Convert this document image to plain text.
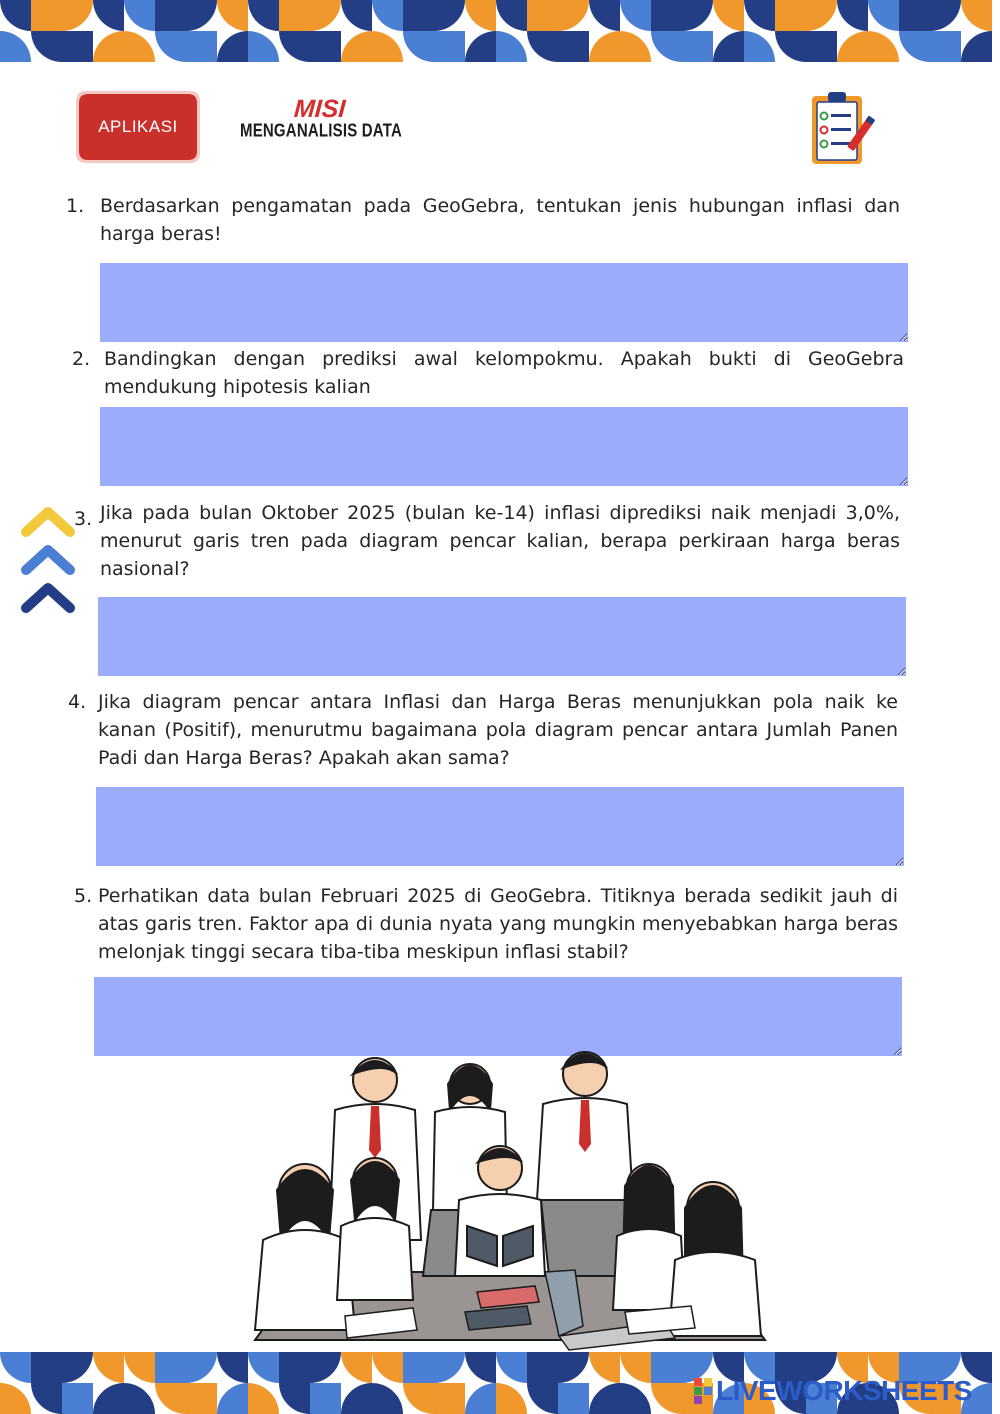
APLIKASI
MISI
MENGANALISIS DATA
1. Berdasarkan pengamatan pada GeoGebra, tentukan jenis hubungan inflasi dan harga beras!
2. Bandingkan dengan prediksi awal kelompokmu. Apakah bukti di GeoGebra mendukung hipotesis kalian
3. Jika pada bulan Oktober 2025 (bulan ke-14) inflasi diprediksi naik menjadi 3,0%, menurut garis tren pada diagram pencar kalian, berapa perkiraan harga beras nasional?
4. Jika diagram pencar antara Inflasi dan Harga Beras menunjukkan pola naik ke kanan (Positif), menurutmu bagaimana pola diagram pencar antara Jumlah Panen Padi dan Harga Beras? Apakah akan sama?
5. Perhatikan data bulan Februari 2025 di GeoGebra. Titiknya berada sedikit jauh di atas garis tren. Faktor apa di dunia nyata yang mungkin menyebabkan harga beras melonjak tinggi secara tiba-tiba meskipun inflasi stabil?
LIVEWORKSHEETS
